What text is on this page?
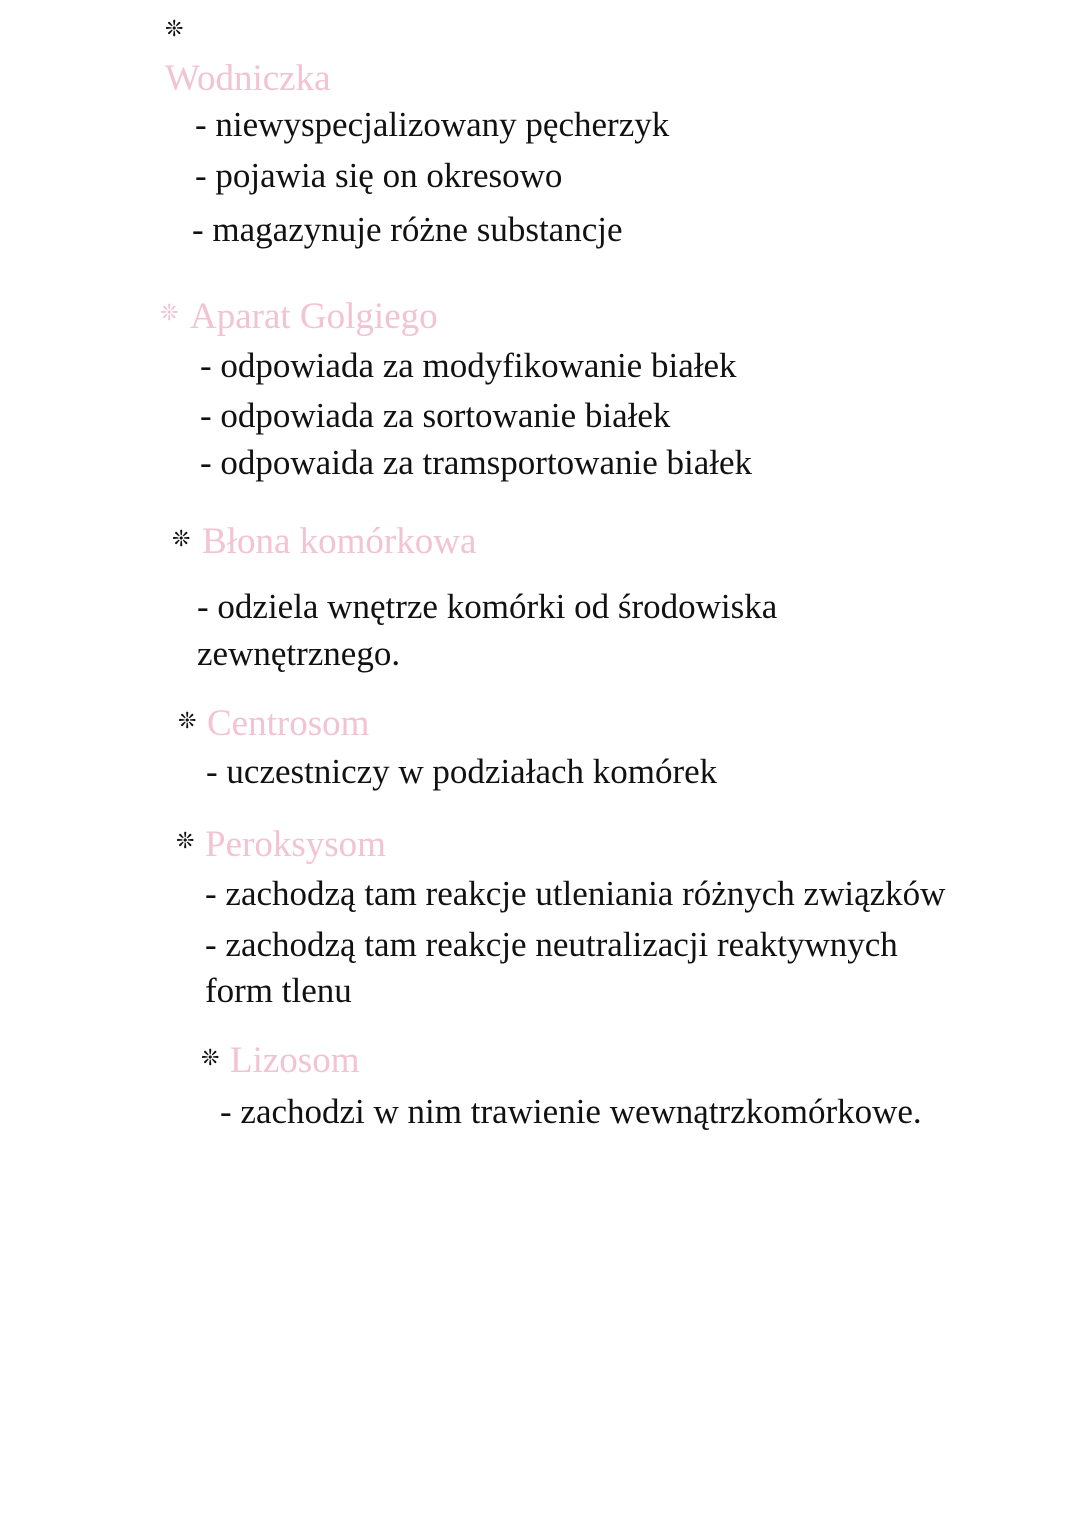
❊
Wodniczka
- niewyspecjalizowany pęcherzyk
- pojawia się on okresowo
- magazynuje różne substancje
❊ Aparat Golgiego
- odpowiada za modyfikowanie białek
- odpowiada za sortowanie białek
- odpowaida za tramsportowanie białek
❊ Błona komórkowa
- odziela wnętrze komórki od środowiska
zewnętrznego.
❊ Centrosom
- uczestniczy w podziałach komórek
❊ Peroksysom
- zachodzą tam reakcje utleniania różnych związków
- zachodzą tam reakcje neutralizacji reaktywnych
form tlenu
❊ Lizosom
- zachodzi w nim trawienie wewnątrzkomórkowe.
